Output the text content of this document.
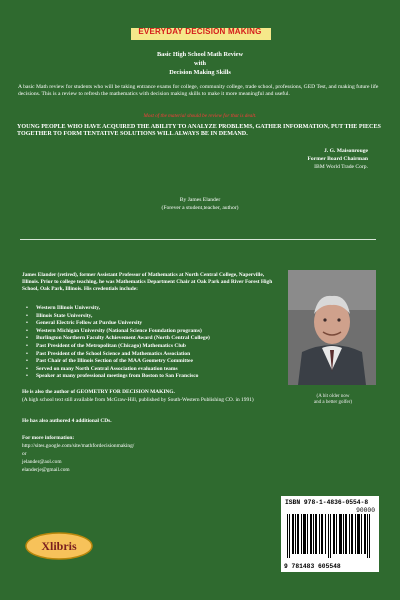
EVERYDAY DECISION MAKING
Basic High School Math Review
with
Decision Making Skills
A basic Math review for students who will be taking entrance exams for college, community college, trade school, professions, GED Test, and making future life decisions. This is a review to refresh the mathematics with decision making skills to make it more meaningful and useful.
Most of the material should be review for that is dealt.
YOUNG PEOPLE WHO HAVE ACQUIRED THE ABILITY TO ANALYZE PROBLEMS, GATHER INFORMATION, PUT THE PIECES TOGETHER TO FORM TENTATIVE SOLUTIONS WILL ALWAYS BE IN DEMAND.
J. G. Maisonrouge
Former Board Chairman
IBM World Trade Corp.
By James Elander
(Forever a student,teacher, author)
James Elander (retired), former Assistant Professor of Mathematics at North Central College, Naperville, Illinois. Prior to college teaching, he was Mathematics Department Chair at Oak Park and River Forest High School, Oak Park, Illinois. His credentials include:
• Western Illinois University,
• Illinois State University,
• General Electric Fellow at Purdue University
• Western Michigan University (National Science Foundation programs)
• Burlington Northern Faculty Achievement Award (North Central College)
• Past President of the Metropolitan (Chicago) Mathematics Club
• Past President of the School Science and Mathematics Association
• Past Chair of the Illinois Section of the MAA Geometry Committee
• Served on many North Central Association evaluation teams
• Speaker at many professional meetings from Boston to San Francisco
(A bit older now
and a better golfer)
He is also the author of GEOMETRY FOR DECISION MAKING.
(A high school text still available from McGraw-Hill, published by South-Western Publishing CO. in 1991)
He has also authored 4 additional CDs.
For more information:
http://sites.google.com/site/mathfordecisionmaking/
or
jelander@aol.com
elanderje@gmail.com
Xlibris
ISBN 978-1-4836-0554-8
90000
9 781483 605548
